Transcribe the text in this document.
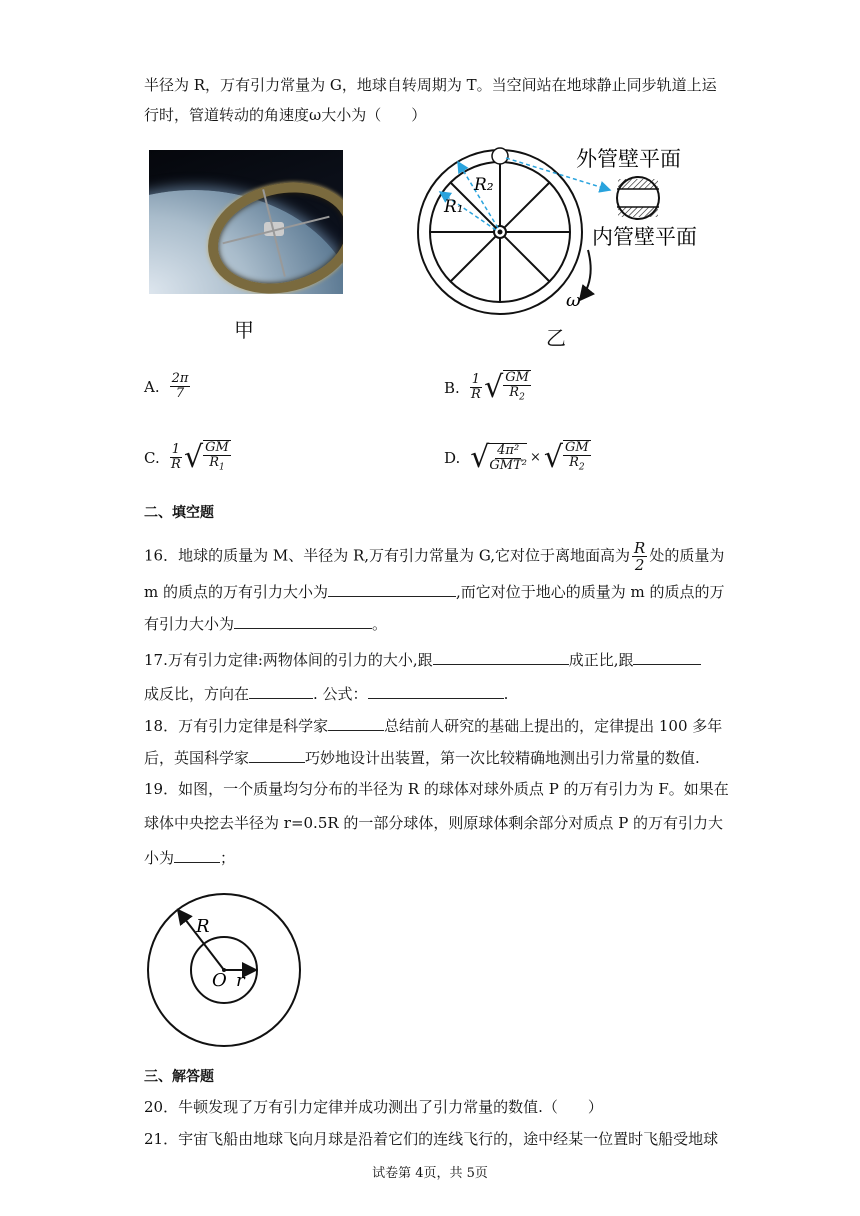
半径为 R，万有引力常量为 G，地球自转周期为 T。当空间站在地球静止同步轨道上运
行时，管道转动的角速度ω大小为（　　）
甲
R₂
R₁
外管壁平面
内管壁平面
ω
乙
A. $\frac{2\pi}{7}$	B. $\frac{1}{R}$ √ $\frac{GM}{R_2}$
C. $\frac{1}{R}$ √ $\frac{GM}{R_1}$	D. √ $\frac{\text{4π²}}{\text{GMT²}}$ × √ $\frac{GM}{R_2}$
二、填空题
16．地球的质量为 M、半径为 R,万有引力常量为 G,它对位于离地面高为 $\frac{R}{2}$ 处的质量为
m 的质点的万有引力大小为	,而它对位于地心的质量为 m 的质点的万
有引力大小为	。
17.万有引力定律:两物体间的引力的大小,跟	成正比,跟
成反比，方向在	. 公式：	.
18．万有引力定律是科学家	总结前人研究的基础上提出的，定律提出 100 多年
后，英国科学家	巧妙地设计出装置，第一次比较精确地测出引力常量的数值.
19．如图，一个质量均匀分布的半径为 R 的球体对球外质点 P 的万有引力为 F。如果在
球体中央挖去半径为 r=0.5R 的一部分球体，则原球体剩余部分对质点 P 的万有引力大
小为	；
R
O r
三、解答题
20．牛顿发现了万有引力定律并成功测出了引力常量的数值.（　　）
21．宇宙飞船由地球飞向月球是沿着它们的连线飞行的，途中经某一位置时飞船受地球
试卷第 4页，共 5页
